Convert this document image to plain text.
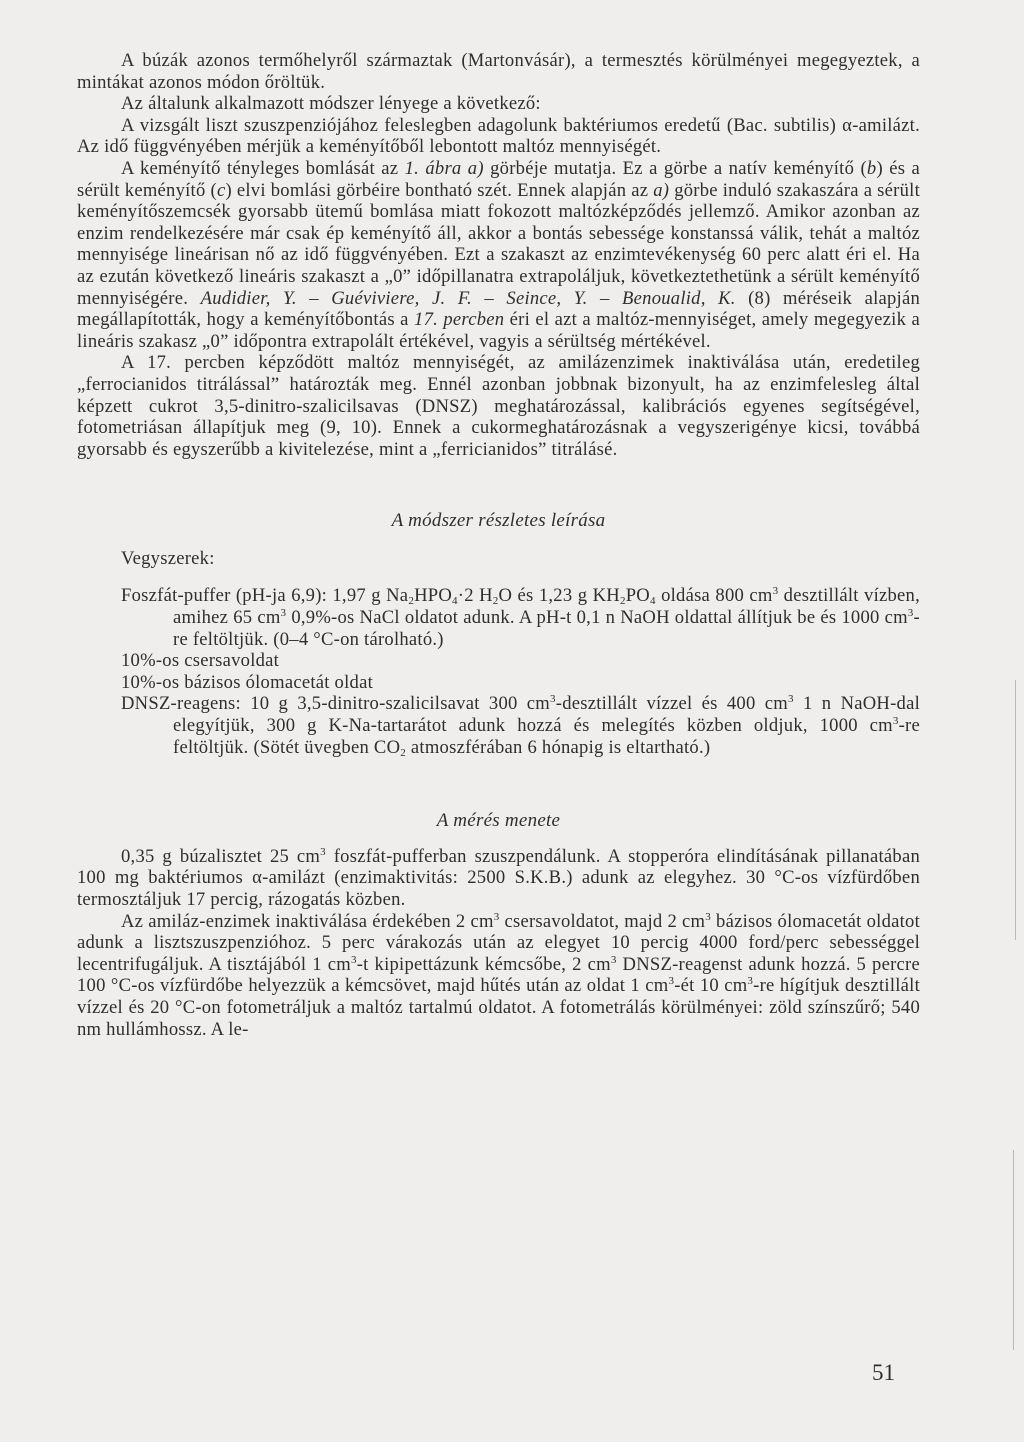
A búzák azonos termőhelyről származtak (Martonvásár), a termesztés körülményei megegyeztek, a mintákat azonos módon őröltük.

Az általunk alkalmazott módszer lényege a következő:

A vizsgált liszt szuszpenziójához feleslegben adagolunk baktériumos eredetű (Bac. subtilis) α-amilázt. Az idő függvényében mérjük a keményítőből lebontott maltóz mennyiségét.

A keményítő tényleges bomlását az 1. ábra a) görbéje mutatja. Ez a görbe a natív keményítő (b) és a sérült keményítő (c) elvi bomlási görbéire bontható szét. Ennek alapján az a) görbe induló szakaszára a sérült keményítőszemcsék gyorsabb ütemű bomlása miatt fokozott maltózképződés jellemző. Amikor azonban az enzim rendelkezésére már csak ép keményítő áll, akkor a bontás sebessége konstanssá válik, tehát a maltóz mennyisége lineárisan nő az idő függvényében. Ezt a szakaszt az enzimtevékenység 60 perc alatt éri el. Ha az ezután következő lineáris szakaszt a „0” időpillanatra extrapoláljuk, következtethetünk a sérült keményítő mennyiségére. Audidier, Y. – Guéviviere, J. F. – Seince, Y. – Benoualid, K. (8) méréseik alapján megállapították, hogy a keményítőbontás a 17. percben éri el azt a maltóz-mennyiséget, amely megegyezik a lineáris szakasz „0” időpontra extrapolált értékével, vagyis a sérültség mértékével.

A 17. percben képződött maltóz mennyiségét, az amilázenzimek inaktiválása után, eredetileg „ferrocianidos titrálással” határozták meg. Ennél azonban jobbnak bizonyult, ha az enzimfelesleg által képzett cukrot 3,5-dinitro-szalicilsavas (DNSZ) meghatározással, kalibrációs egyenes segítségével, fotometriásan állapítjuk meg (9, 10). Ennek a cukormeghatározásnak a vegyszerigénye kicsi, továbbá gyorsabb és egyszerűbb a kivitelezése, mint a „ferricianidos” titrálásé.

A módszer részletes leírása

Vegyszerek:

Foszfát-puffer (pH-ja 6,9): 1,97 g $Na_2HPO_4\cdot 2$ $H_2O$ és 1,23 g $KH_2PO_4$ oldása 800 $cm^3$ desztillált vízben, amihez 65 $cm^3$ 0,9%-os NaCl oldatot adunk. A pH-t 0,1 n NaOH oldattal állítjuk be és 1000 $cm^3-re$ feltöltjük. (0–4 °C-on tárolható.)

10%-os csersavoldat

10%-os bázisos ólomacetát oldat

DNSZ-reagens: 10 g 3,5-dinitro-szalicilsavat 300 $cm^3$-desztillált vízzel és 400 $cm^3$ 1 n NaOH-dal elegyítjük, 300 g K-Na-tartarátot adunk hozzá és melegítés közben oldjuk, 1000 $cm^3-re$ feltöltjük. (Sötét üvegben $CO_2$ atmoszférában 6 hónapig is eltartható.)

A mérés menete

0,35 g búzalisztet 25 $cm^3$ foszfát-pufferban szuszpendálunk. A stopperóra elindításának pillanatában 100 mg baktériumos α-amilázt (enzimaktivitás: 2500 S.K.B.) adunk az elegyhez. 30 °C-os vízfürdőben termosztáljuk 17 percig, rázogatás közben.

Az amiláz-enzimek inaktiválása érdekében 2 $cm^3$ csersavoldatot, majd 2 $cm^3$ bázisos ólomacetát oldatot adunk a lisztszuszpenzióhoz. 5 perc várakozás után az elegyet 10 percig 4000 ford/perc sebességgel lecentrifugáljuk. A tisztájából 1 $cm^3-t$ kipipettázunk kémcsőbe, 2 $cm^3$ DNSZ-reagenst adunk hozzá. 5 percre 100 °C-os vízfürdőbe helyezzük a kémcsövet, majd hűtés után az oldat 1 $cm^3-ét$ 10 $cm^3-re$ hígítjuk desztillált vízzel és 20 °C-on fotometráljuk a maltóz tartalmú oldatot. A fotometrálás körülményei: zöld színszűrő; 540 nm hullámhossz. A le-

51
